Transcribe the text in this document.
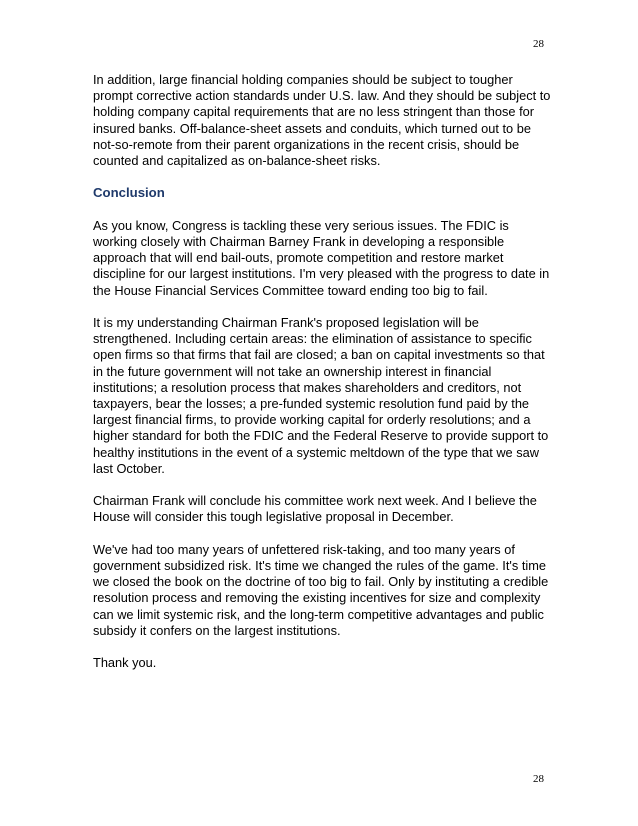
28

In addition, large financial holding companies should be subject to tougher prompt corrective action standards under U.S. law. And they should be subject to holding company capital requirements that are no less stringent than those for insured banks. Off-balance-sheet assets and conduits, which turned out to be not-so-remote from their parent organizations in the recent crisis, should be counted and capitalized as on-balance-sheet risks.

Conclusion

As you know, Congress is tackling these very serious issues. The FDIC is working closely with Chairman Barney Frank in developing a responsible approach that will end bail-outs, promote competition and restore market discipline for our largest institutions. I'm very pleased with the progress to date in the House Financial Services Committee toward ending too big to fail.

It is my understanding Chairman Frank's proposed legislation will be strengthened. Including certain areas: the elimination of assistance to specific open firms so that firms that fail are closed; a ban on capital investments so that in the future government will not take an ownership interest in financial institutions; a resolution process that makes shareholders and creditors, not taxpayers, bear the losses; a pre-funded systemic resolution fund paid by the largest financial firms, to provide working capital for orderly resolutions; and a higher standard for both the FDIC and the Federal Reserve to provide support to healthy institutions in the event of a systemic meltdown of the type that we saw last October.

Chairman Frank will conclude his committee work next week. And I believe the House will consider this tough legislative proposal in December.

We've had too many years of unfettered risk-taking, and too many years of government subsidized risk. It's time we changed the rules of the game. It's time we closed the book on the doctrine of too big to fail. Only by instituting a credible resolution process and removing the existing incentives for size and complexity can we limit systemic risk, and the long-term competitive advantages and public subsidy it confers on the largest institutions.

Thank you.

28
